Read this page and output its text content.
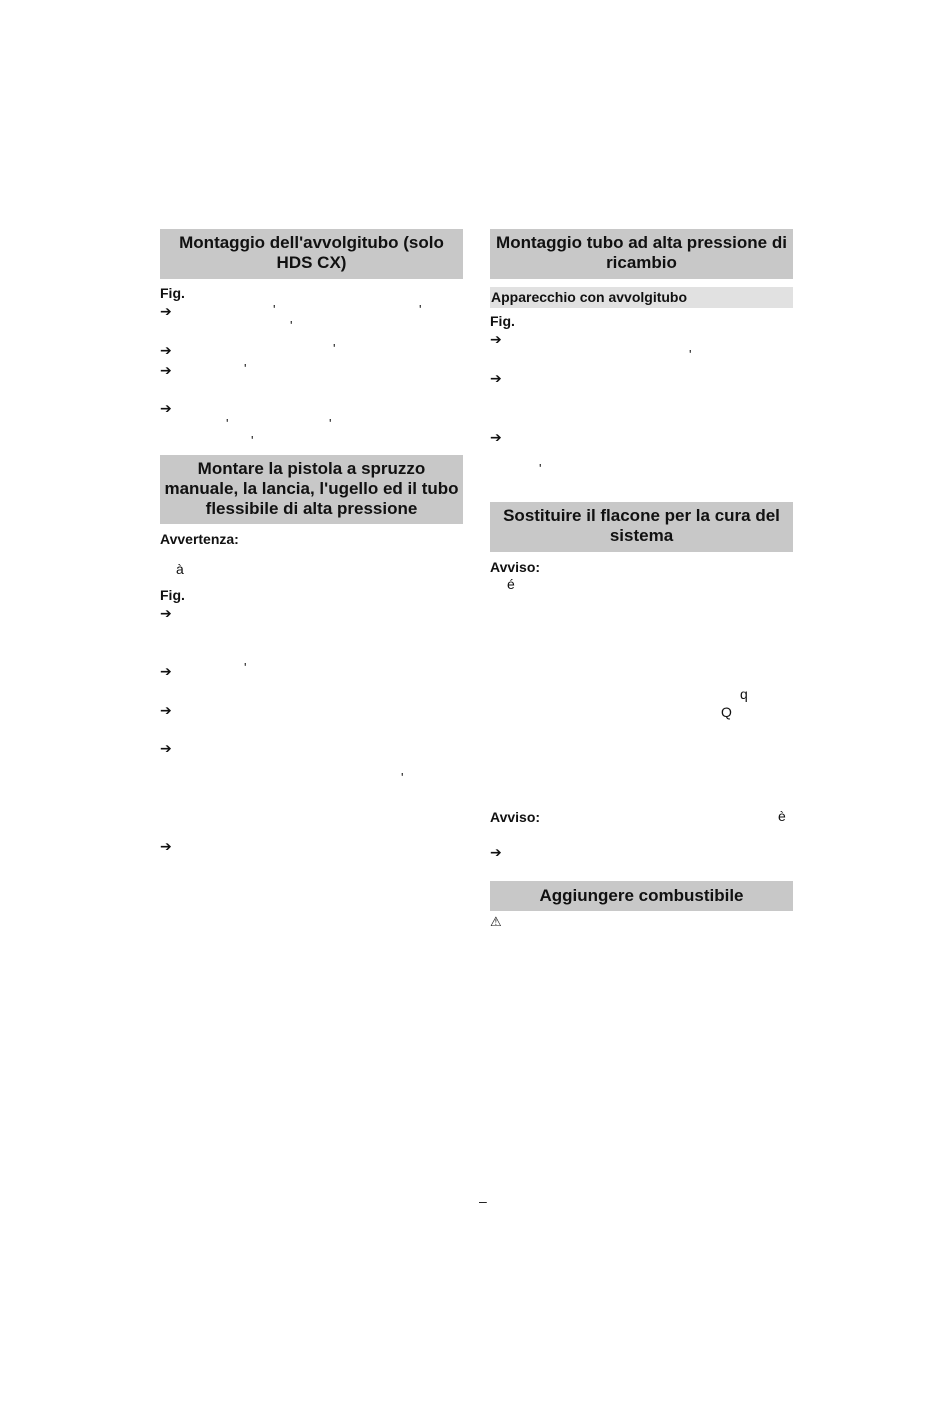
Montaggio dell'avvolgitubo (solo HDS CX)
Fig.
➔	'	'
'
➔	'
➔	'
➔
'	'
'
Montare la pistola a spruzzo manuale, la lancia, l'ugello ed il tubo flessibile di alta pressione
Avvertenza:
à
Fig.
➔
➔	'
➔
➔
'
➔
Montaggio tubo ad alta pressione di ricambio
Apparecchio con avvolgitubo
Fig.
➔
'
➔
➔
'
Sostituire il flacone per la cura del sistema
Avviso:
é
q
Q
Avviso:	è
➔
Aggiungere combustibile
⚠
–
